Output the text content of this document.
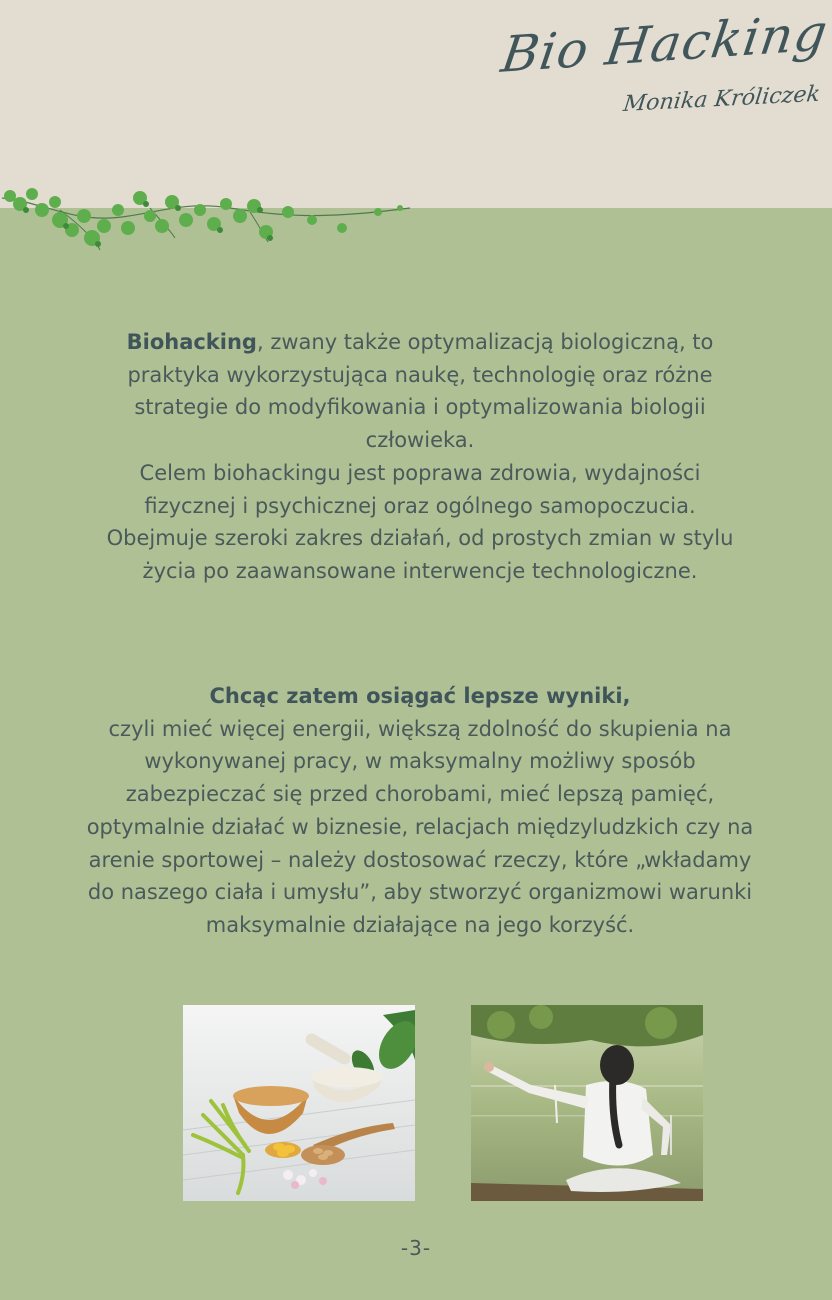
Bio Hacking
Monika Króliczek
Biohacking, zwany także optymalizacją biologiczną, to
praktyka wykorzystująca naukę, technologię oraz różne
strategie do modyfikowania i optymalizowania biologii
człowieka.
Celem biohackingu jest poprawa zdrowia, wydajności
fizycznej i psychicznej oraz ogólnego samopoczucia.
Obejmuje szeroki zakres działań, od prostych zmian w stylu
życia po zaawansowane interwencje technologiczne.
Chcąc zatem osiągać lepsze wyniki,
czyli mieć więcej energii, większą zdolność do skupienia na
wykonywanej pracy, w maksymalny możliwy sposób
zabezpieczać się przed chorobami, mieć lepszą pamięć,
optymalnie działać w biznesie, relacjach międzyludzkich czy na
arenie sportowej – należy dostosować rzeczy, które „wkładamy
do naszego ciała i umysłu”, aby stworzyć organizmowi warunki
maksymalnie działające na jego korzyść.
-3-
